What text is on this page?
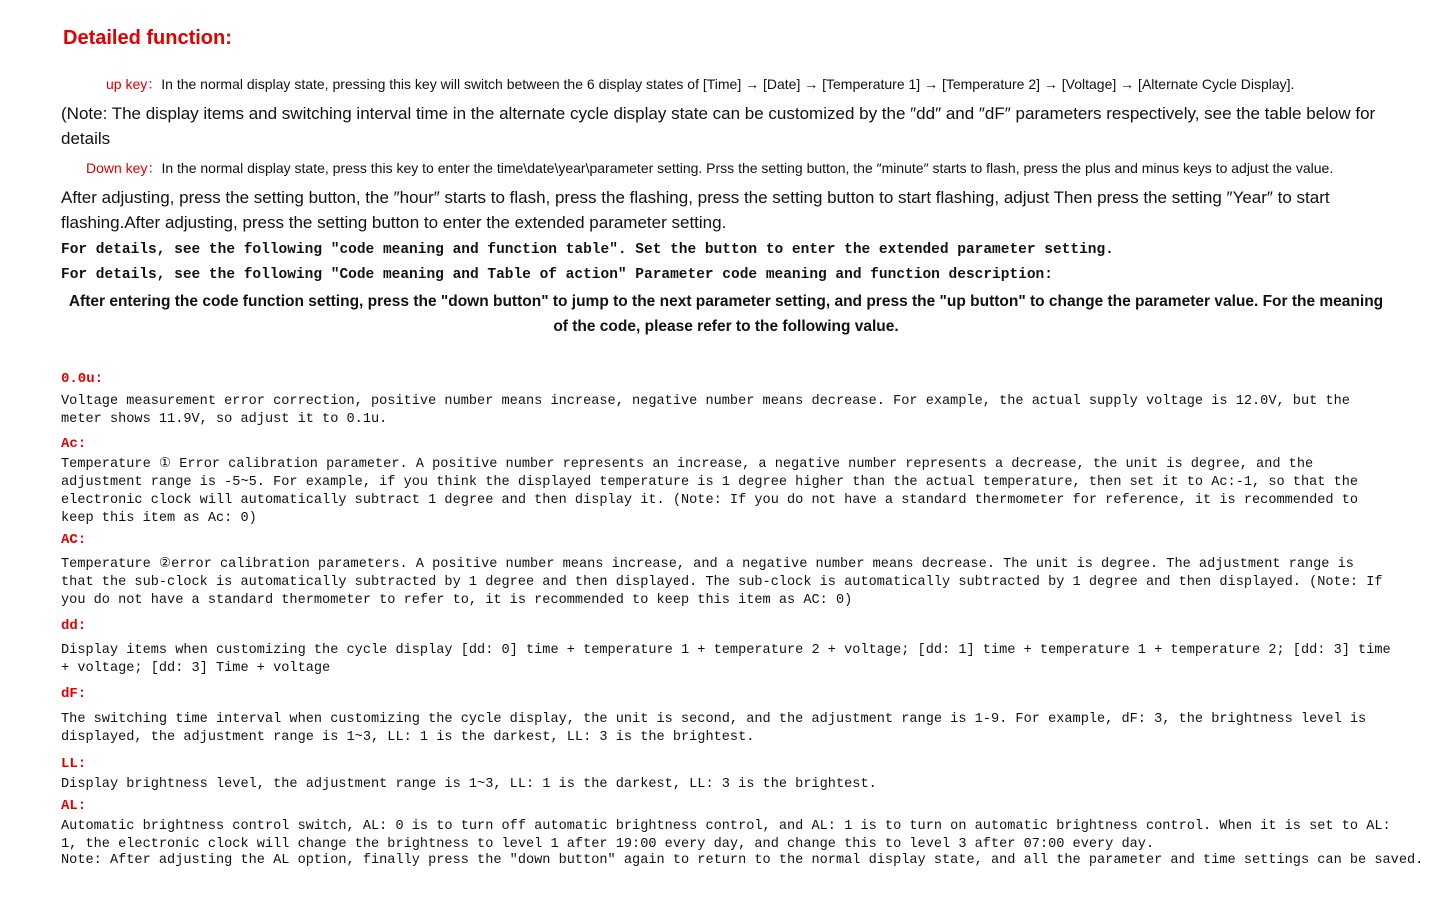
Detailed function:
up key：In the normal display state, pressing this key will switch between the 6 display states of [Time] → [Date] → [Temperature 1] → [Temperature 2] → [Voltage] → [Alternate Cycle Display].
(Note: The display items and switching interval time in the alternate cycle display state can be customized by the ″dd″ and ″dF″ parameters respectively, see the table below for details
Down key：In the normal display state, press this key to enter the time\date\year\parameter setting. Prss the setting button, the ″minute″ starts to flash, press the plus and minus keys to adjust the value.
After adjusting, press the setting button, the ″hour″ starts to flash, press the flashing, press the setting button to start flashing, adjust Then press the setting ″Year″ to start flashing.After adjusting, press the setting button to enter the extended parameter setting.
For details, see the following ″code meaning and function table″. Set the button to enter the extended parameter setting.
For details, see the following ″Code meaning and Table of action″ Parameter code meaning and function description:
After entering the code function setting, press the "down button" to jump to the next parameter setting, and press the "up button" to change the parameter value. For the meaning of the code, please refer to the following value.
0.0u:
Voltage measurement error correction, positive number means increase, negative number means decrease. For example, the actual supply voltage is 12.0V, but the meter shows 11.9V, so adjust it to 0.1u.
Ac:
Temperature ① Error calibration parameter. A positive number represents an increase, a negative number represents a decrease, the unit is degree, and the adjustment range is -5~5. For example, if you think the displayed temperature is 1 degree higher than the actual temperature, then set it to Ac:-1, so that the electronic clock will automatically subtract 1 degree and then display it. (Note: If you do not have a standard thermometer for reference, it is recommended to keep this item as Ac: 0)
AC:
Temperature ②error calibration parameters. A positive number means increase, and a negative number means decrease. The unit is degree. The adjustment range is that the sub-clock is automatically subtracted by 1 degree and then displayed. The sub-clock is automatically subtracted by 1 degree and then displayed. (Note: If you do not have a standard thermometer to refer to, it is recommended to keep this item as AC: 0)
dd:
Display items when customizing the cycle display [dd: 0] time + temperature 1 + temperature 2 + voltage; [dd: 1] time + temperature 1 + temperature 2; [dd: 3] time + voltage; [dd: 3] Time + voltage
dF:
The switching time interval when customizing the cycle display, the unit is second, and the adjustment range is 1-9. For example, dF: 3, the brightness level is displayed, the adjustment range is 1~3, LL: 1 is the darkest, LL: 3 is the brightest.
LL:
Display brightness level, the adjustment range is 1~3, LL: 1 is the darkest, LL: 3 is the brightest.
AL:
Automatic brightness control switch, AL: 0 is to turn off automatic brightness control, and AL: 1 is to turn on automatic brightness control. When it is set to AL: 1, the electronic clock will change the brightness to level 1 after 19:00 every day, and change this to level 3 after 07:00 every day.
Note: After adjusting the AL option, finally press the ″down button″ again to return to the normal display state, and all the parameter and time settings can be saved.
